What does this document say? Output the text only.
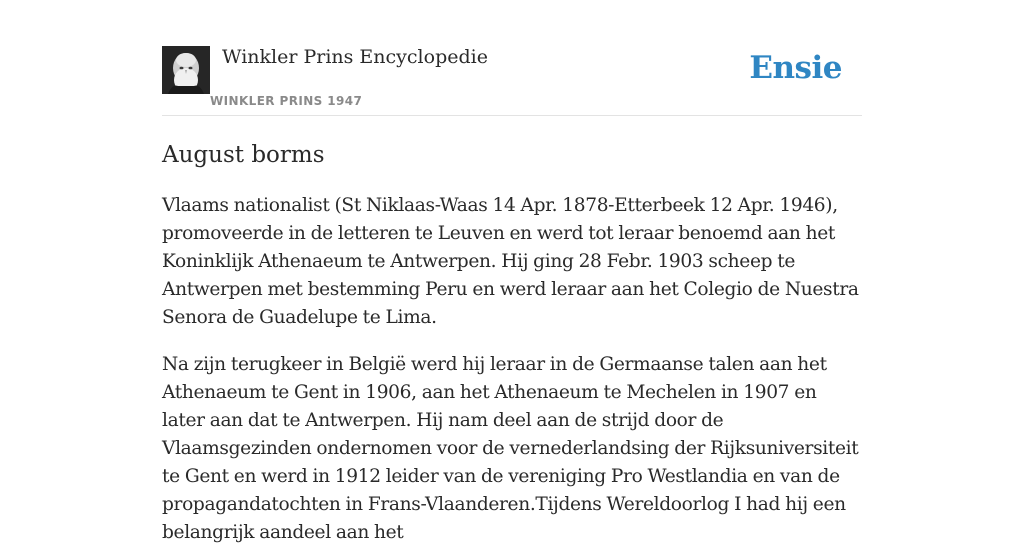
Winkler Prins Encyclopedie
WINKLER PRINS 1947
Ensie
August borms

Vlaams nationalist (St Niklaas-Waas 14 Apr. 1878-Etterbeek 12 Apr. 1946), promoveerde in de letteren te Leuven en werd tot leraar benoemd aan het Koninklijk Athenaeum te Antwerpen. Hij ging 28 Febr. 1903 scheep te Antwerpen met bestemming Peru en werd leraar aan het Colegio de Nuestra Senora de Guadelupe te Lima.

Na zijn terugkeer in België werd hij leraar in de Germaanse talen aan het Athenaeum te Gent in 1906, aan het Athenaeum te Mechelen in 1907 en later aan dat te Antwerpen. Hij nam deel aan de strijd door de Vlaamsgezinden ondernomen voor de vernederlandsing der Rijksuniversiteit te Gent en werd in 1912 leider van de vereniging Pro Westlandia en van de propagandatochten in Frans-Vlaanderen.Tijdens Wereldoorlog I had hij een belangrijk aandeel aan het
